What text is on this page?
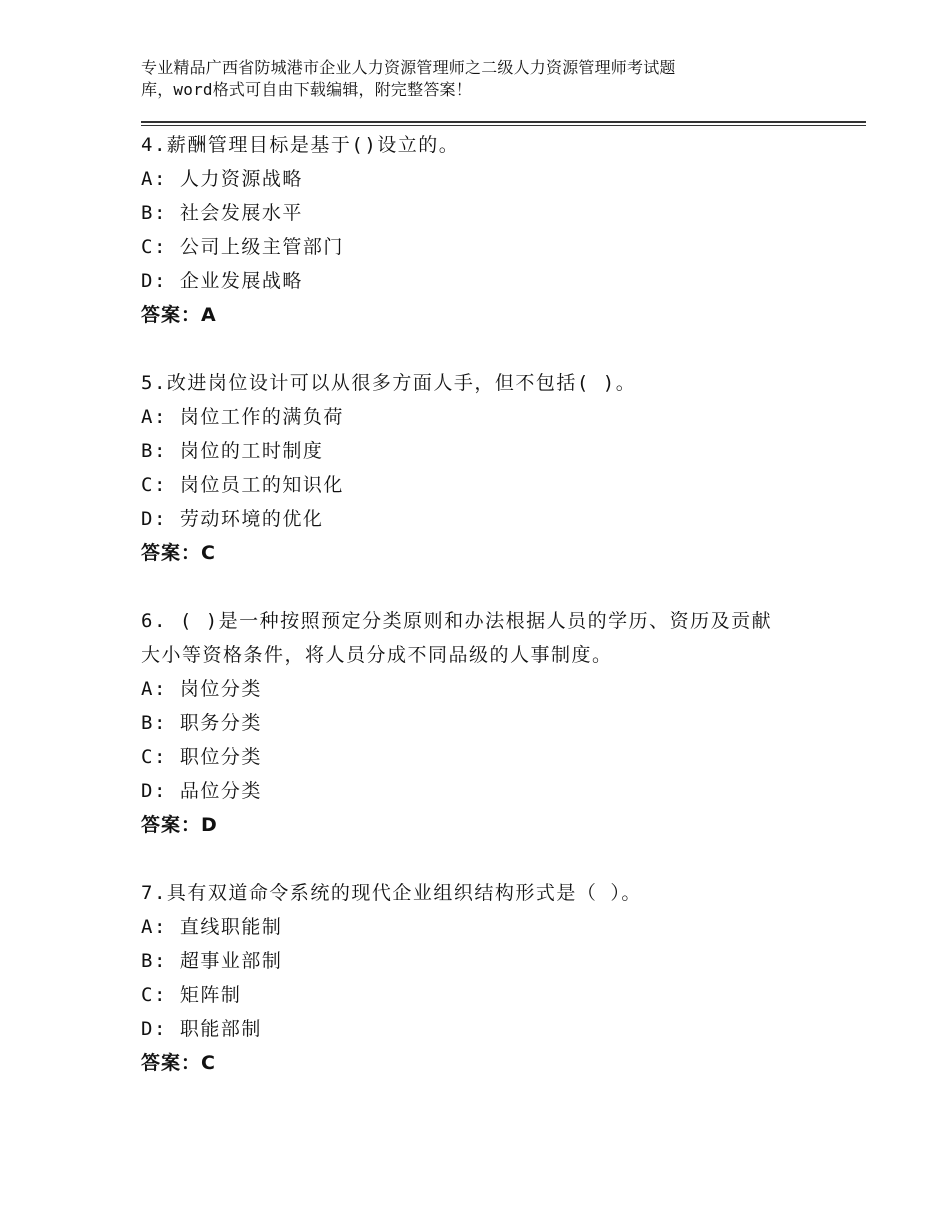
专业精品广西省防城港市企业人力资源管理师之二级人力资源管理师考试题
库，word格式可自由下载编辑，附完整答案！
4.薪酬管理目标是基于()设立的。
A: 人力资源战略
B: 社会发展水平
C: 公司上级主管部门
D: 企业发展战略
答案：A
5.改进岗位设计可以从很多方面人手，但不包括( )。
A: 岗位工作的满负荷
B: 岗位的工时制度
C: 岗位员工的知识化
D: 劳动环境的优化
答案：C
6. ( )是一种按照预定分类原则和办法根据人员的学历、资历及贡献
大小等资格条件，将人员分成不同品级的人事制度。
A: 岗位分类
B: 职务分类
C: 职位分类
D: 品位分类
答案：D
7.具有双道命令系统的现代企业组织结构形式是（ ）。
A: 直线职能制
B: 超事业部制
C: 矩阵制
D: 职能部制
答案：C
